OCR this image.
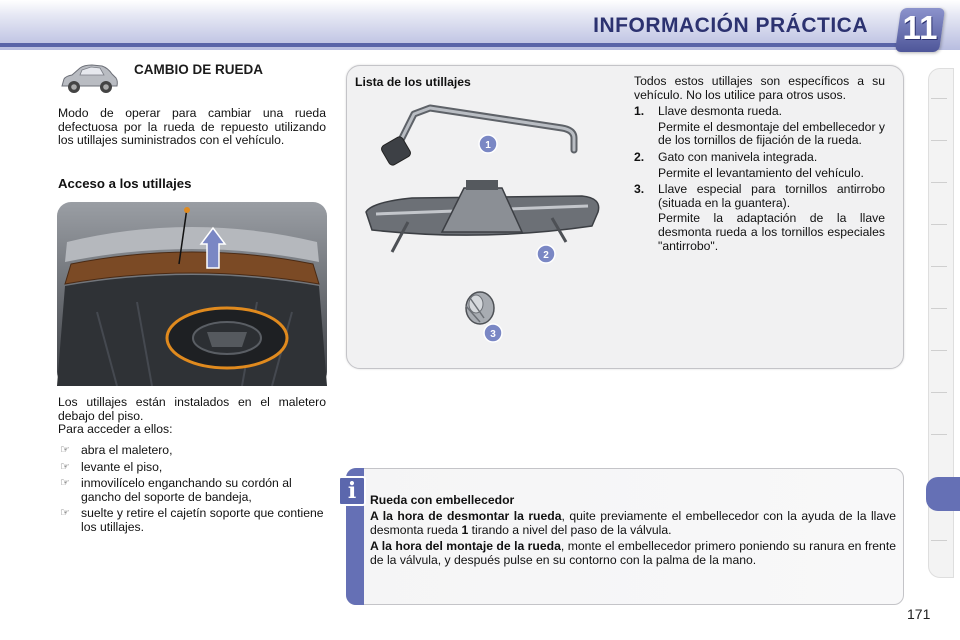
INFORMACIÓN PRÁCTICA 11
CAMBIO DE RUEDA

Modo de operar para cambiar una rueda defectuosa por la rueda de repuesto utilizando los utillajes suministrados con el vehículo.

Acceso a los utillajes

Los utillajes están instalados en el maletero debajo del piso.
Para acceder a ellos:

☞ abra el maletero,
☞ levante el piso,
☞ inmovilícelo enganchando su cordón al gancho del soporte de bandeja,
☞ suelte y retire el cajetín soporte que contiene los utillajes.
Lista de los utillajes
1
2
3

Todos estos utillajes son específicos a su vehículo. No los utilice para otros usos.

1. Llave desmonta rueda.
Permite el desmontaje del embellecedor y de los tornillos de fijación de la rueda.
2. Gato con manivela integrada.
Permite el levantamiento del vehículo.
3. Llave especial para tornillos antirrobo (situada en la guantera).
Permite la adaptación de la llave desmonta rueda a los tornillos especiales "antirrobo".
i	Rueda con embellecedor

A la hora de desmontar la rueda, quite previamente el embellecedor con la ayuda de la llave desmonta rueda 1 tirando a nivel del paso de la válvula.

A la hora del montaje de la rueda, monte el embellecedor primero poniendo su ranura en frente de la válvula, y después pulse en su contorno con la palma de la mano.

171
